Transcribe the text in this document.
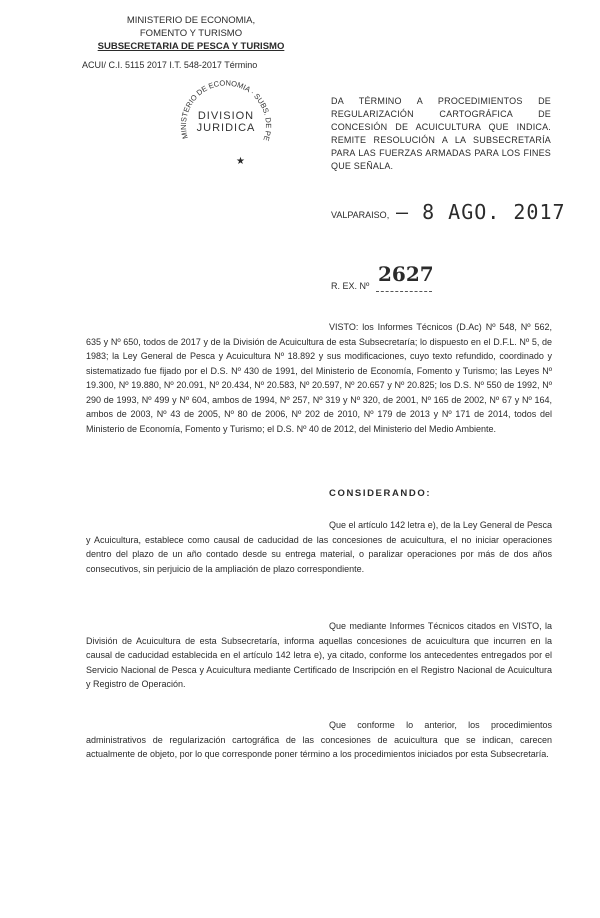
MINISTERIO DE ECONOMIA,
FOMENTO Y TURISMO
SUBSECRETARIA DE PESCA Y TURISMO
ACUI/ C.I. 5115 2017 I.T. 548-2017 Término
MINISTERIO DE ECONOMIA · SUBS. DE PE
DIVISION
JURIDICA
★
DA TÉRMINO A PROCEDIMIENTOS DE REGULARIZACIÓN CARTOGRÁFICA DE CONCESIÓN DE ACUICULTURA QUE INDICA. REMITE RESOLUCIÓN A LA SUBSECRETARÍA PARA LAS FUERZAS ARMADAS PARA LOS FINES QUE SEÑALA.
VALPARAISO, – 8 AGO. 2017
R. EX. Nº 2627
VISTO: los Informes Técnicos (D.Ac) Nº 548, Nº 562, 635 y Nº 650, todos de 2017 y de la División de Acuicultura de esta Subsecretaría; lo dispuesto en el D.F.L. Nº 5, de 1983; la Ley General de Pesca y Acuicultura Nº 18.892 y sus modificaciones, cuyo texto refundido, coordinado y sistematizado fue fijado por el D.S. Nº 430 de 1991, del Ministerio de Economía, Fomento y Turismo; las Leyes Nº 19.300, Nº 19.880, Nº 20.091, Nº 20.434, Nº 20.583, Nº 20.597, Nº 20.657 y Nº 20.825; los D.S. Nº 550 de 1992, Nº 290 de 1993, Nº 499 y Nº 604, ambos de 1994, Nº 257, Nº 319 y Nº 320, de 2001, Nº 165 de 2002, Nº 67 y Nº 164, ambos de 2003, Nº 43 de 2005, Nº 80 de 2006, Nº 202 de 2010, Nº 179 de 2013 y Nº 171 de 2014, todos del Ministerio de Economía, Fomento y Turismo; el D.S. Nº 40 de 2012, del Ministerio del Medio Ambiente.
CONSIDERANDO:
Que el artículo 142 letra e), de la Ley General de Pesca y Acuicultura, establece como causal de caducidad de las concesiones de acuicultura, el no iniciar operaciones dentro del plazo de un año contado desde su entrega material, o paralizar operaciones por más de dos años consecutivos, sin perjuicio de la ampliación de plazo correspondiente.
Que mediante Informes Técnicos citados en VISTO, la División de Acuicultura de esta Subsecretaría, informa aquellas concesiones de acuicultura que incurren en la causal de caducidad establecida en el artículo 142 letra e), ya citado, conforme los antecedentes entregados por el Servicio Nacional de Pesca y Acuicultura mediante Certificado de Inscripción en el Registro Nacional de Acuicultura y Registro de Operación.
Que conforme lo anterior, los procedimientos administrativos de regularización cartográfica de las concesiones de acuicultura que se indican, carecen actualmente de objeto, por lo que corresponde poner término a los procedimientos iniciados por esta Subsecretaría.
